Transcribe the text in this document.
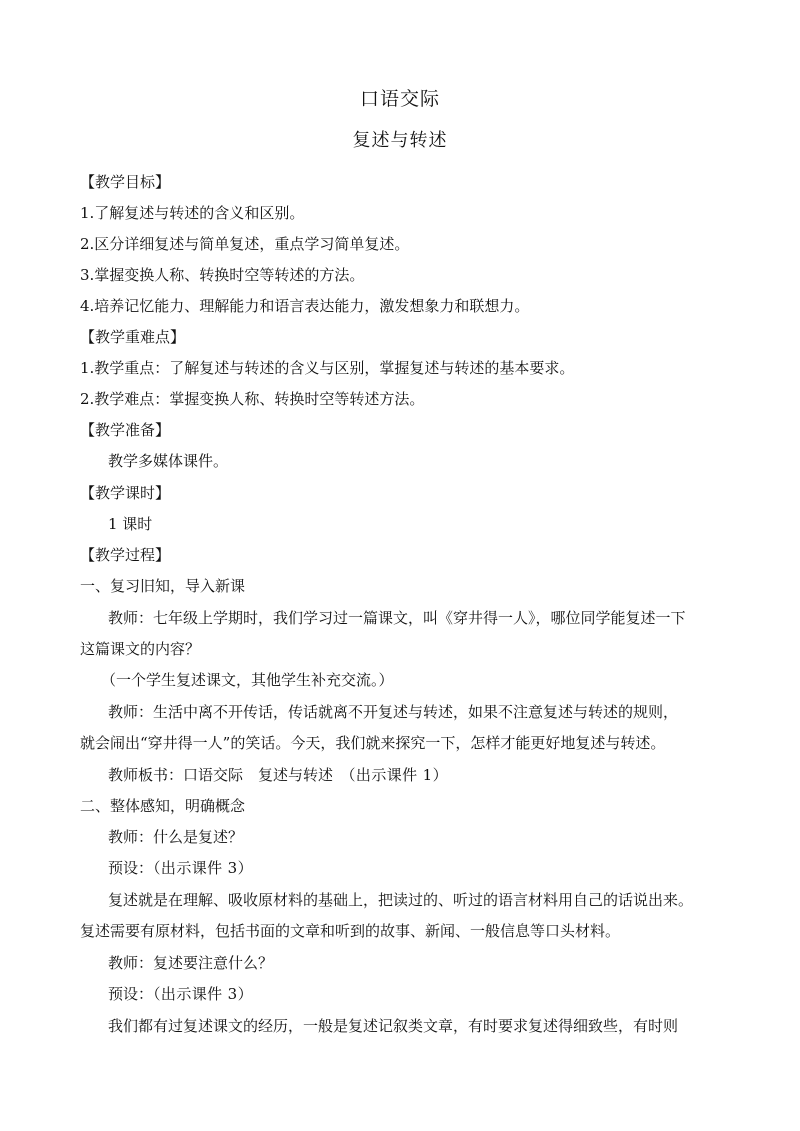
口语交际
复述与转述
【教学目标】
1.了解复述与转述的含义和区别。
2.区分详细复述与简单复述，重点学习简单复述。
3.掌握变换人称、转换时空等转述的方法。
4.培养记忆能力、理解能力和语言表达能力，激发想象力和联想力。
【教学重难点】
1.教学重点：了解复述与转述的含义与区别，掌握复述与转述的基本要求。
2.教学难点：掌握变换人称、转换时空等转述方法。
【教学准备】
教学多媒体课件。
【教学课时】
1 课时
【教学过程】
一、复习旧知，导入新课
教师：七年级上学期时，我们学习过一篇课文，叫《穿井得一人》，哪位同学能复述一下
这篇课文的内容？
（一个学生复述课文，其他学生补充交流。）
教师：生活中离不开传话，传话就离不开复述与转述，如果不注意复述与转述的规则，
就会闹出“穿井得一人”的笑话。今天，我们就来探究一下，怎样才能更好地复述与转述。
教师板书：口语交际　复述与转述　（出示课件 1）
二、整体感知，明确概念
教师：什么是复述？
预设：（出示课件 3）
复述就是在理解、吸收原材料的基础上，把读过的、听过的语言材料用自己的话说出来。
复述需要有原材料，包括书面的文章和听到的故事、新闻、一般信息等口头材料。
教师：复述要注意什么？
预设：（出示课件 3）
我们都有过复述课文的经历，一般是复述记叙类文章，有时要求复述得细致些，有时则
